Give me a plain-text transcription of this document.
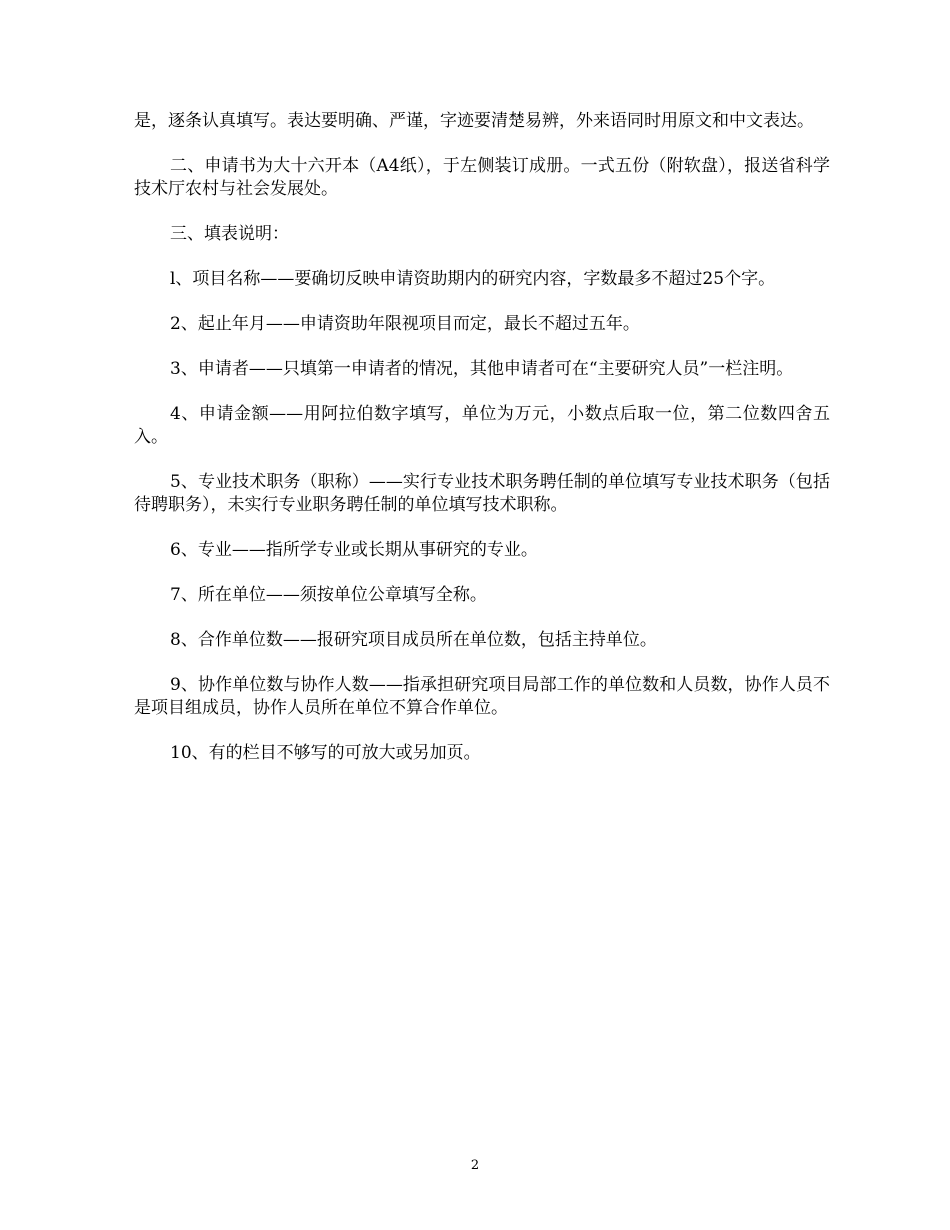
是，逐条认真填写。表达要明确、严谨，字迹要清楚易辨，外来语同时用原文和中文表达。

二、申请书为大十六开本（A4纸），于左侧装订成册。一式五份（附软盘），报送省科学技术厅农村与社会发展处。

三、填表说明：

l、项目名称——要确切反映申请资助期内的研究内容，字数最多不超过25个字。

2、起止年月——申请资助年限视项目而定，最长不超过五年。

3、申请者——只填第一申请者的情况，其他申请者可在“主要研究人员”一栏注明。

4、申请金额——用阿拉伯数字填写，单位为万元，小数点后取一位，第二位数四舍五入。

5、专业技术职务（职称）——实行专业技术职务聘任制的单位填写专业技术职务（包括待聘职务），未实行专业职务聘任制的单位填写技术职称。

6、专业——指所学专业或长期从事研究的专业。

7、所在单位——须按单位公章填写全称。

8、合作单位数——报研究项目成员所在单位数，包括主持单位。

9、协作单位数与协作人数——指承担研究项目局部工作的单位数和人员数，协作人员不是项目组成员，协作人员所在单位不算合作单位。

10、有的栏目不够写的可放大或另加页。

2
